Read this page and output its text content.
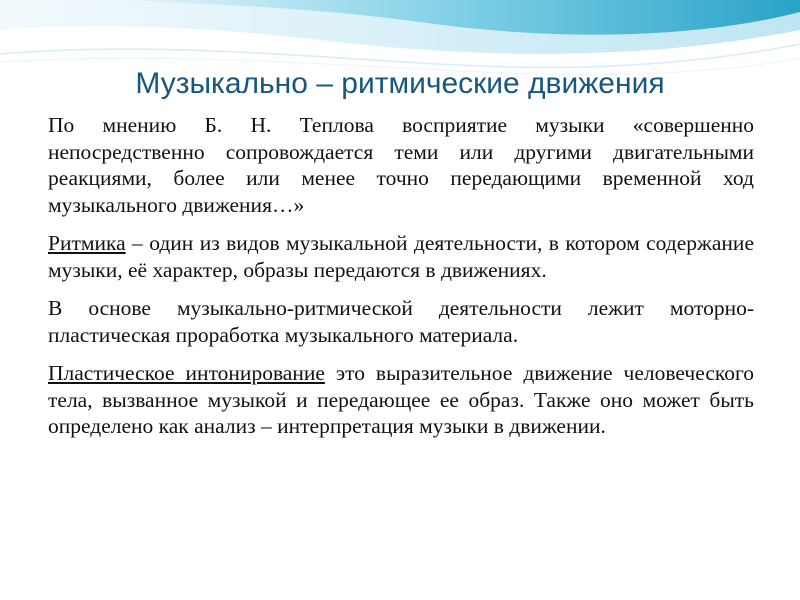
Музыкально – ритмические движения

По мнению Б. Н. Теплова восприятие музыки «совершенно непосредственно сопровождается теми или другими двигательными реакциями, более или менее точно передающими временной ход музыкального движения…»

Ритмика – один из видов музыкальной деятельности, в котором содержание музыки, её характер, образы передаются в движениях.

В основе музыкально-ритмической деятельности лежит моторно-пластическая проработка музыкального материала.

Пластическое интонирование это выразительное движение человеческого тела, вызванное музыкой и передающее ее образ. Также оно может быть определено как анализ – интерпретация музыки в движении.
